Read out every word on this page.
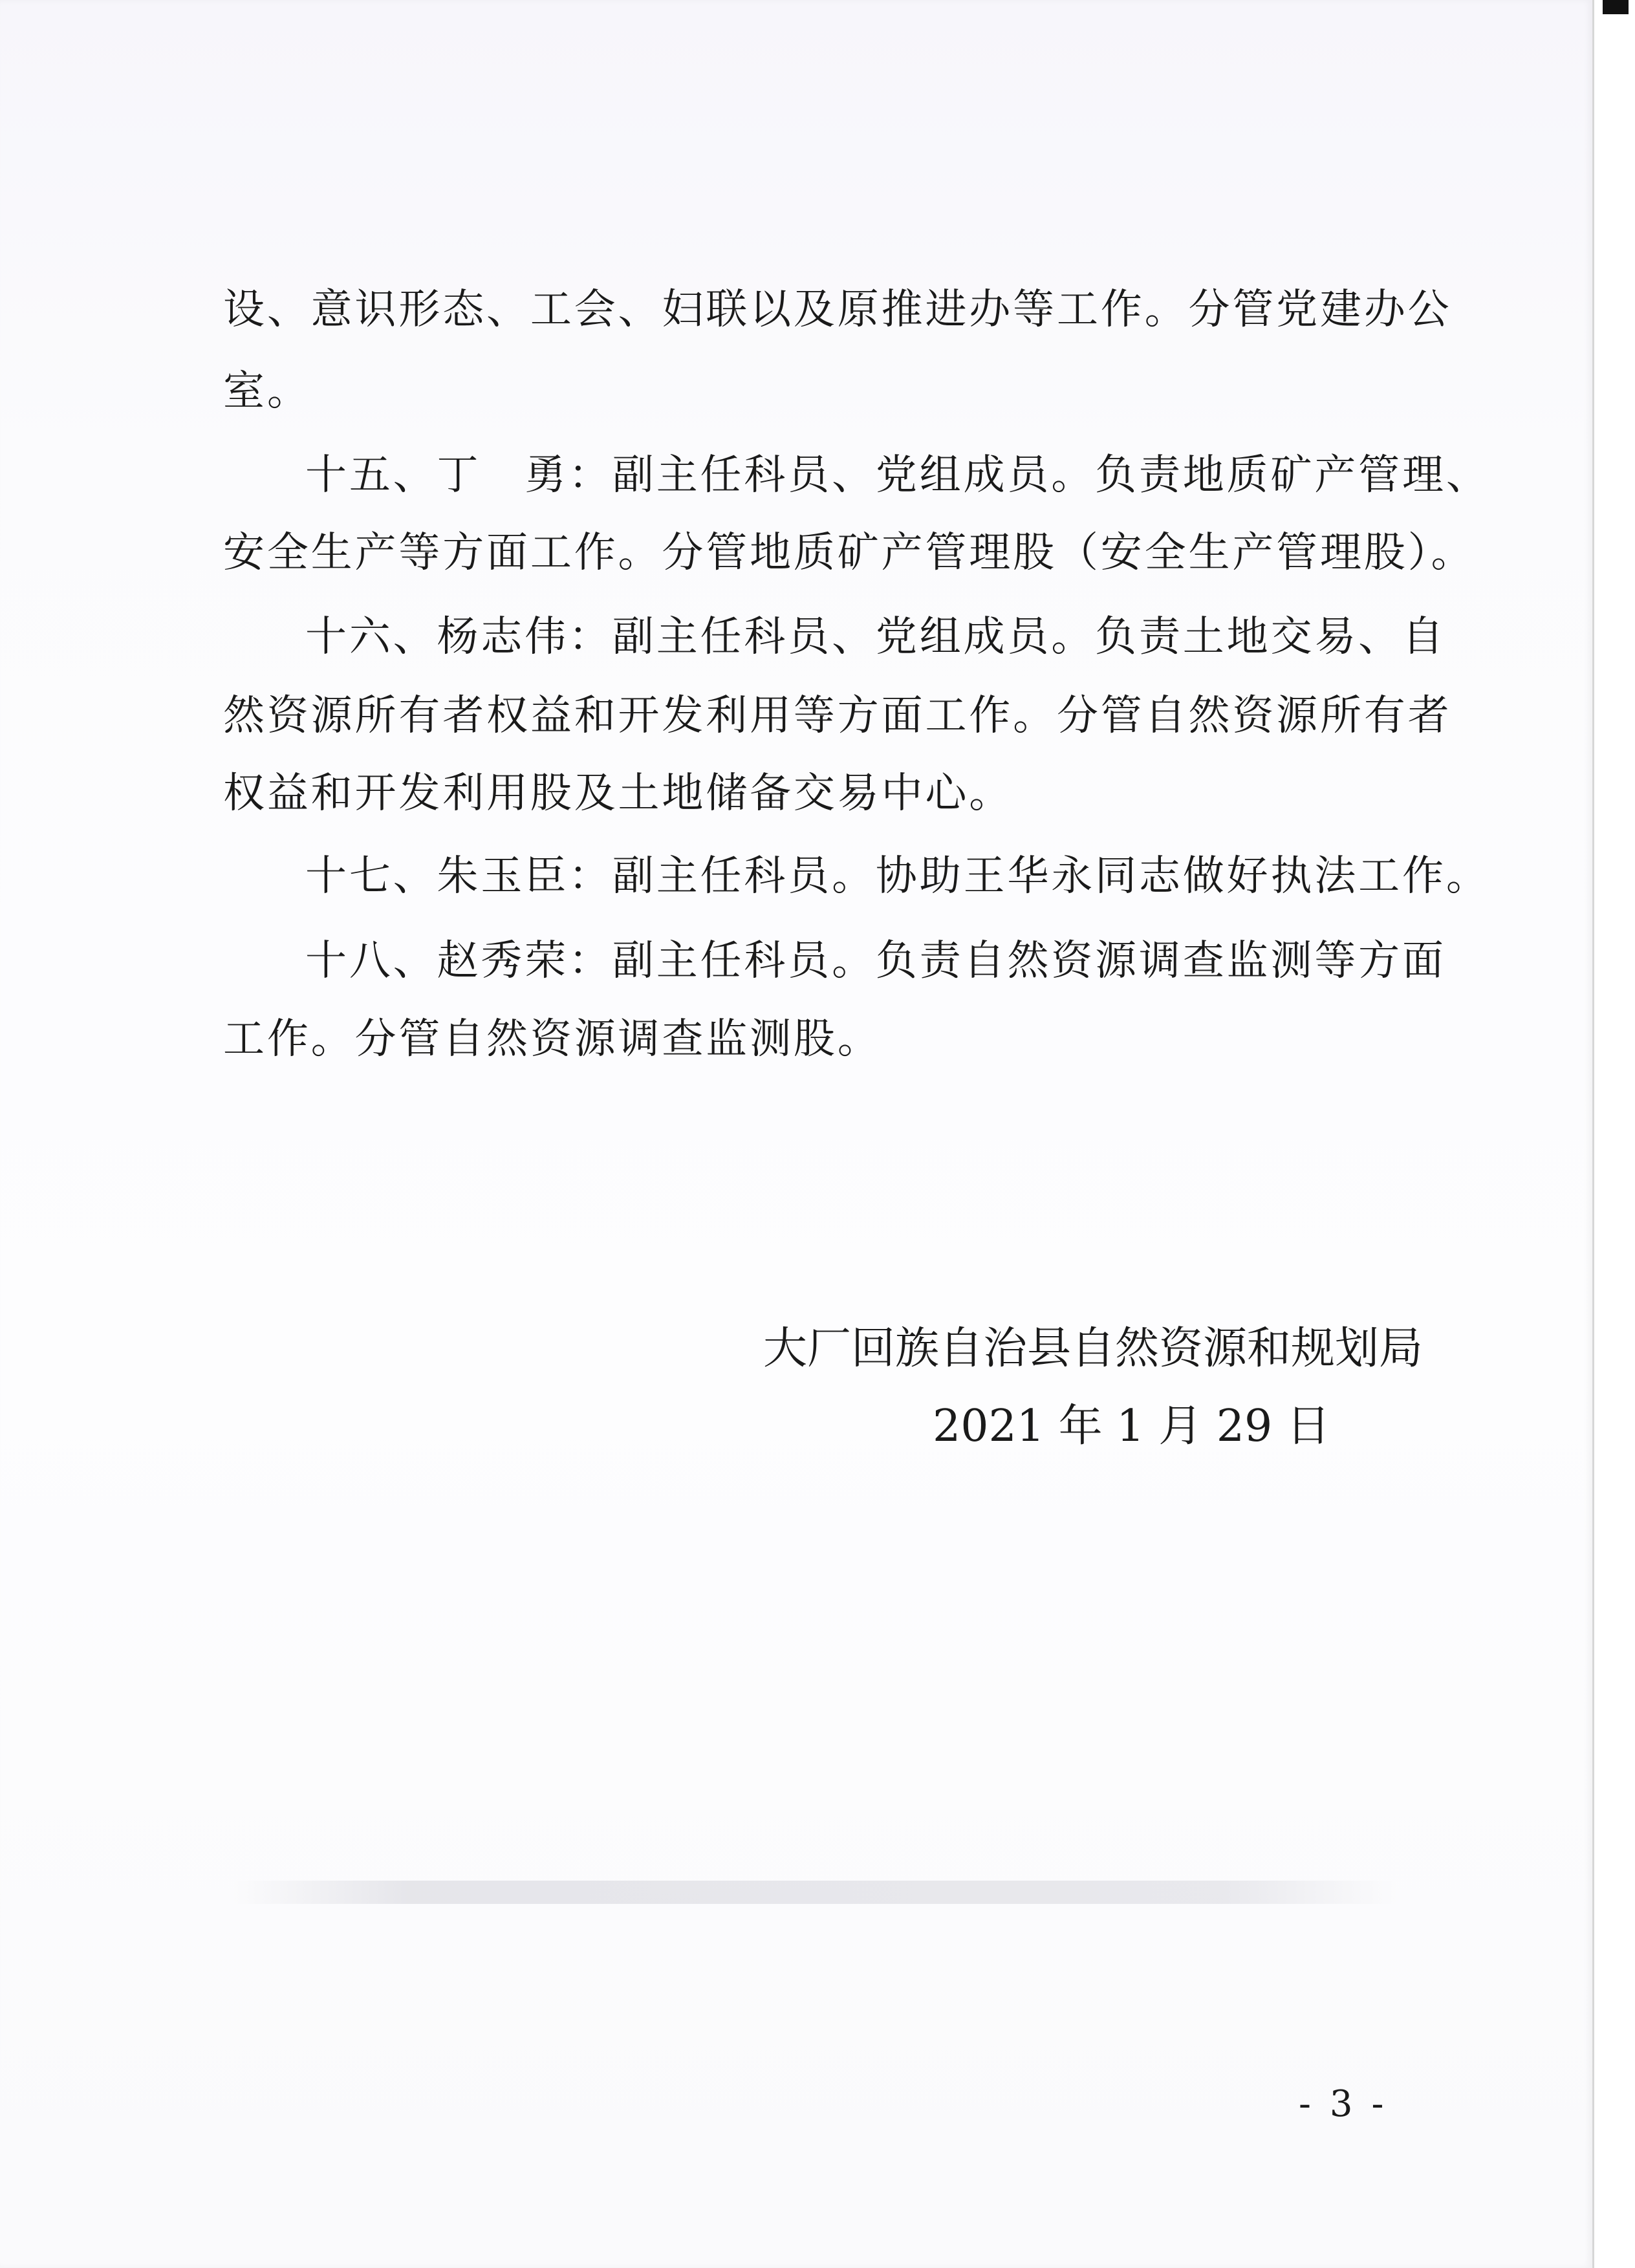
设、意识形态、工会、妇联以及原推进办等工作。分管党建办公
室。
十五、丁　勇：副主任科员、党组成员。负责地质矿产管理、
安全生产等方面工作。分管地质矿产管理股（安全生产管理股）。
十六、杨志伟：副主任科员、党组成员。负责土地交易、自
然资源所有者权益和开发利用等方面工作。分管自然资源所有者
权益和开发利用股及土地储备交易中心。
十七、朱玉臣：副主任科员。协助王华永同志做好执法工作。
十八、赵秀荣：副主任科员。负责自然资源调查监测等方面
工作。分管自然资源调查监测股。
大厂回族自治县自然资源和规划局
2021 年 1 月 29 日
- 3 -
